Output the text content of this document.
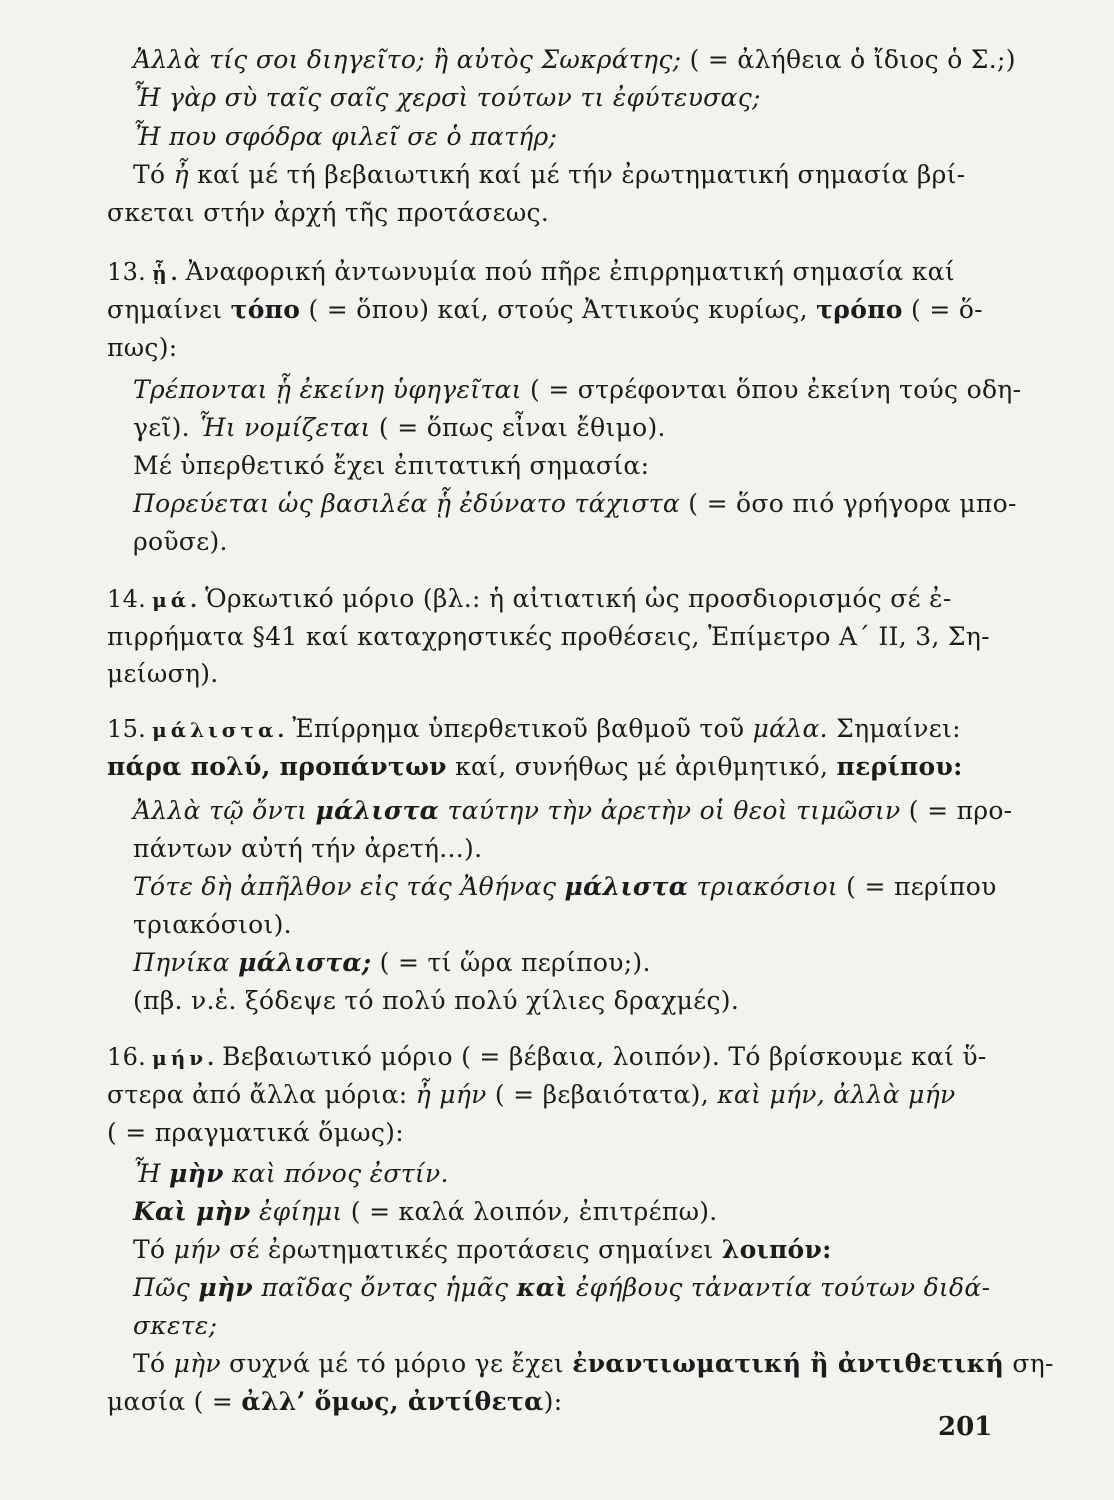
Ἀλλὰ τίς σοι διηγεῖτο; ἢ αὐτὸς Σωκράτης; ( = ἀλήθεια ὁ ἴδιος ὁ Σ.;)
Ἦ γὰρ σὺ ταῖς σαῖς χερσὶ τούτων τι ἐφύτευσας;
Ἦ που σφόδρα φιλεῖ σε ὁ πατήρ;
Τό ἦ καί μέ τή βεβαιωτική καί μέ τήν ἐρωτηματική σημασία βρί-
σκεται στήν ἀρχή τῆς προτάσεως.
13. ᾗ. Ἀναφορική ἀντωνυμία πού πῆρε ἐπιρρηματική σημασία καί
σημαίνει τόπο ( = ὅπου) καί, στούς Ἀττικούς κυρίως, τρόπο ( = ὅ-
πως):
Τρέπονται ᾗ ἐκείνη ὑφηγεῖται ( = στρέφονται ὅπου ἐκείνη τούς οδη-
γεῖ). Ἧι νομίζεται ( = ὅπως εἶναι ἔθιμο).
Μέ ὑπερθετικό ἔχει ἐπιτατική σημασία:
Πορεύεται ὡς βασιλέα ᾗ ἐδύνατο τάχιστα ( = ὅσο πιό γρήγορα μπο-
ροῦσε).
14. μά. Ὁρκωτικό μόριο (βλ.: ἡ αἰτιατική ὡς προσδιορισμός σέ ἐ-
πιρρήματα §41 καί καταχρηστικές προθέσεις, Ἐπίμετρο Α΄ ΙΙ, 3, Ση-
μείωση).
15. μάλιστα. Ἐπίρρημα ὑπερθετικοῦ βαθμοῦ τοῦ μάλα. Σημαίνει:
πάρα πολύ, προπάντων καί, συνήθως μέ ἀριθμητικό, περίπου:
Ἀλλὰ τῷ ὄντι μάλιστα ταύτην τὴν ἀρετὴν οἱ θεοὶ τιμῶσιν ( = προ-
πάντων αὐτή τήν ἀρετή...).
Τότε δὴ ἀπῆλθον εἰς τάς Ἀθήνας μάλιστα τριακόσιοι ( = περίπου
τριακόσιοι).
Πηνίκα μάλιστα; ( = τί ὥρα περίπου;).
(πβ. ν.ἑ. ξόδεψε τό πολύ πολύ χίλιες δραχμές).
16. μήν. Βεβαιωτικό μόριο ( = βέβαια, λοιπόν). Τό βρίσκουμε καί ὕ-
στερα ἀπό ἄλλα μόρια: ἦ μήν ( = βεβαιότατα), καὶ μήν, ἀλλὰ μήν
( = πραγματικά ὅμως):
Ἦ μὴν καὶ πόνος ἐστίν.
Καὶ μὴν ἐφίημι ( = καλά λοιπόν, ἐπιτρέπω).
Τό μήν σέ ἐρωτηματικές προτάσεις σημαίνει λοιπόν:
Πῶς μὴν παῖδας ὄντας ἡμᾶς καὶ ἐφήβους τἀναντία τούτων διδά-
σκετε;
Τό μὴν συχνά μέ τό μόριο γε ἔχει ἐναντιωματική ἢ ἀντιθετική ση-
μασία ( = ἀλλ’ ὅμως, ἀντίθετα):
201
